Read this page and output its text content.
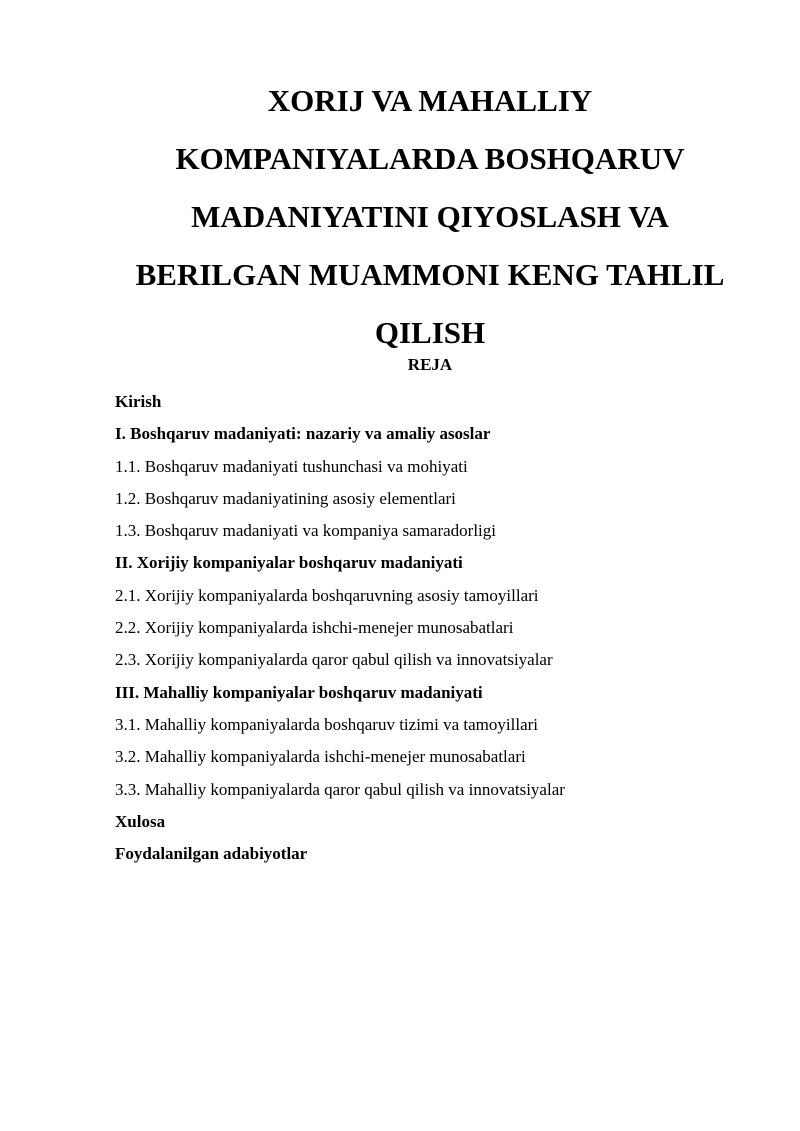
XORIJ VA MAHALLIY
KOMPANIYALARDA BOSHQARUV
MADANIYATINI QIYOSLASH VA
BERILGAN MUAMMONI KENG TAHLIL
QILISH
REJA
Kirish
I. Boshqaruv madaniyati: nazariy va amaliy asoslar
1.1. Boshqaruv madaniyati tushunchasi va mohiyati
1.2. Boshqaruv madaniyatining asosiy elementlari
1.3. Boshqaruv madaniyati va kompaniya samaradorligi
II. Xorijiy kompaniyalar boshqaruv madaniyati
2.1. Xorijiy kompaniyalarda boshqaruvning asosiy tamoyillari
2.2. Xorijiy kompaniyalarda ishchi-menejer munosabatlari
2.3. Xorijiy kompaniyalarda qaror qabul qilish va innovatsiyalar
III. Mahalliy kompaniyalar boshqaruv madaniyati
3.1. Mahalliy kompaniyalarda boshqaruv tizimi va tamoyillari
3.2. Mahalliy kompaniyalarda ishchi-menejer munosabatlari
3.3. Mahalliy kompaniyalarda qaror qabul qilish va innovatsiyalar
Xulosa
Foydalanilgan adabiyotlar
